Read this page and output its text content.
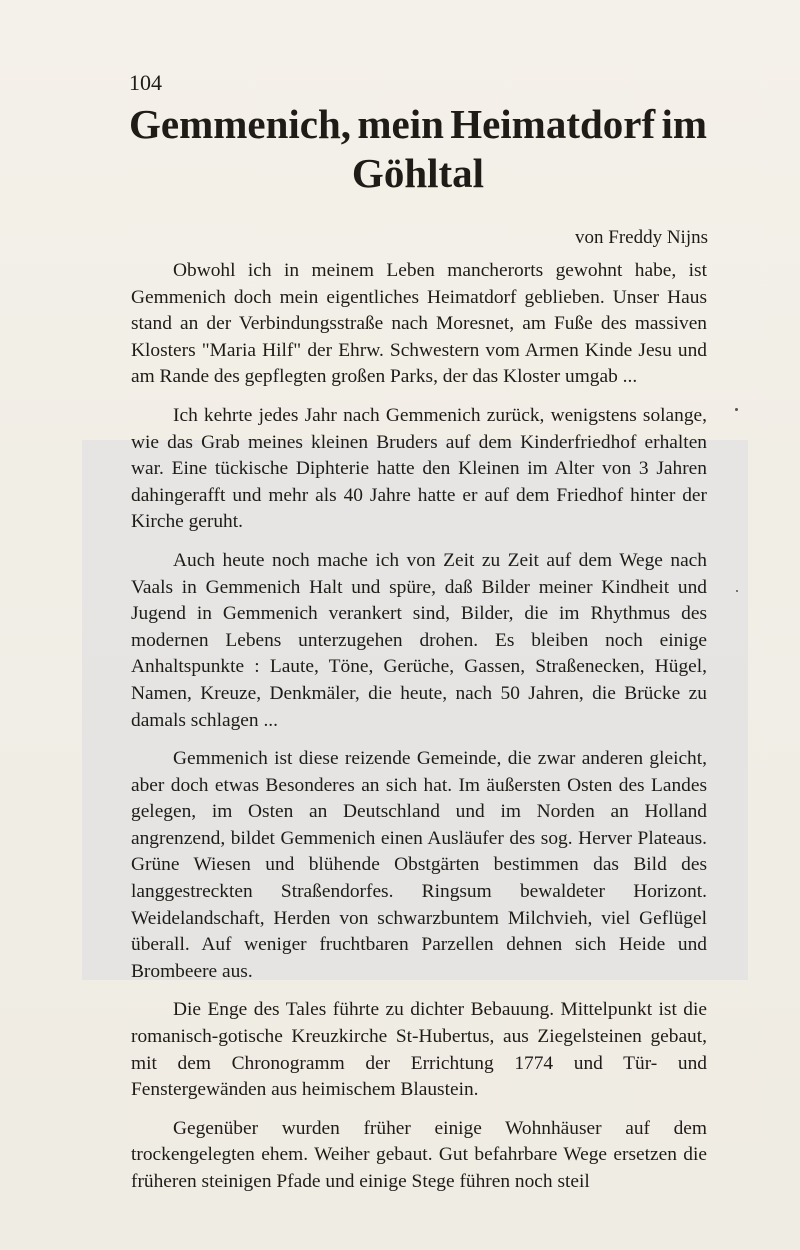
104
Gemmenich, mein Heimatdorf im
Göhltal
von Freddy Nijns

Obwohl ich in meinem Leben mancherorts gewohnt habe, ist Gemmenich doch mein eigentliches Heimatdorf geblieben. Unser Haus stand an der Verbindungsstraße nach Moresnet, am Fuße des massiven Klosters "Maria Hilf" der Ehrw. Schwestern vom Armen Kinde Jesu und am Rande des gepflegten großen Parks, der das Kloster umgab ...

Ich kehrte jedes Jahr nach Gemmenich zurück, wenigstens solange, wie das Grab meines kleinen Bruders auf dem Kinderfriedhof erhalten war. Eine tückische Diphterie hatte den Kleinen im Alter von 3 Jahren dahingerafft und mehr als 40 Jahre hatte er auf dem Friedhof hinter der Kirche geruht.

Auch heute noch mache ich von Zeit zu Zeit auf dem Wege nach Vaals in Gemmenich Halt und spüre, daß Bilder meiner Kindheit und Jugend in Gemmenich verankert sind, Bilder, die im Rhythmus des modernen Lebens unterzugehen drohen. Es bleiben noch einige Anhaltspunkte : Laute, Töne, Gerüche, Gassen, Straßenecken, Hügel, Namen, Kreuze, Denkmäler, die heute, nach 50 Jahren, die Brücke zu damals schlagen ...

Gemmenich ist diese reizende Gemeinde, die zwar anderen gleicht, aber doch etwas Besonderes an sich hat. Im äußersten Osten des Landes gelegen, im Osten an Deutschland und im Norden an Holland angrenzend, bildet Gemmenich einen Ausläufer des sog. Herver Plateaus. Grüne Wiesen und blühende Obstgärten bestimmen das Bild des langgestreckten Straßendorfes. Ringsum bewaldeter Horizont. Weidelandschaft, Herden von schwarzbuntem Milchvieh, viel Geflügel überall. Auf weniger fruchtbaren Parzellen dehnen sich Heide und Brombeere aus.

Die Enge des Tales führte zu dichter Bebauung. Mittelpunkt ist die romanisch-gotische Kreuzkirche St-Hubertus, aus Ziegelsteinen gebaut, mit dem Chronogramm der Errichtung 1774 und Tür- und Fenstergewänden aus heimischem Blaustein.

Gegenüber wurden früher einige Wohnhäuser auf dem trockengelegten ehem. Weiher gebaut. Gut befahrbare Wege ersetzen die früheren steinigen Pfade und einige Stege führen noch steil
